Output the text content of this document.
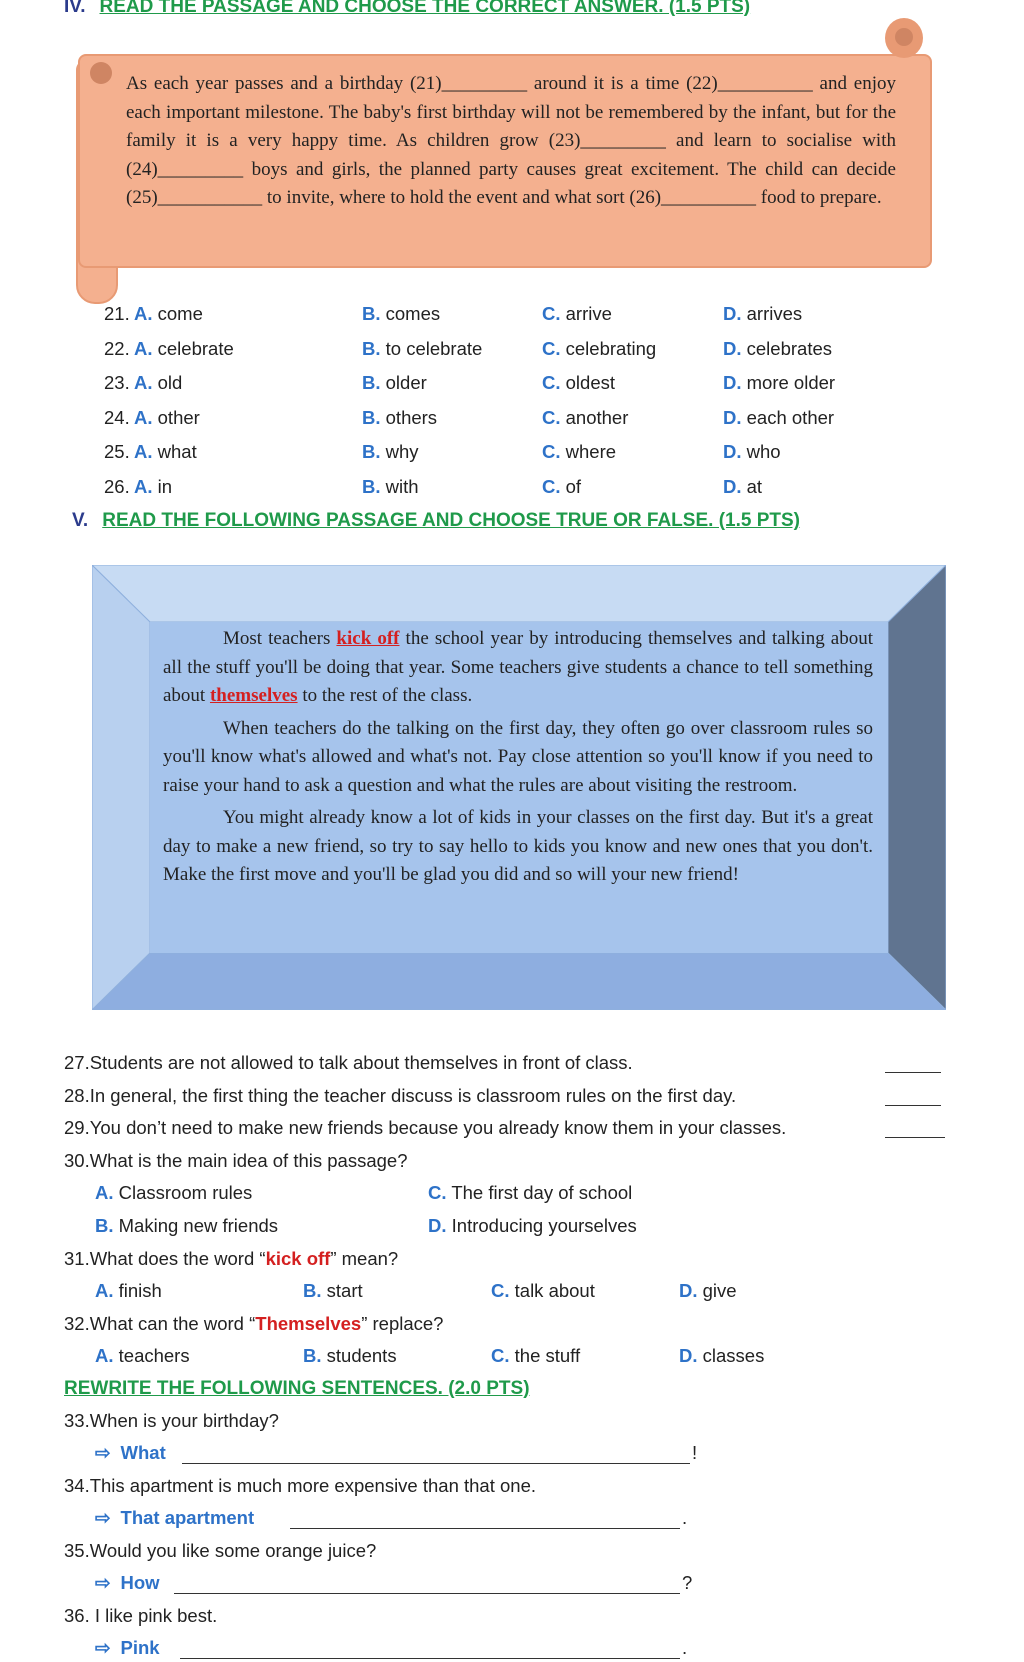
IV. READ THE PASSAGE AND CHOOSE THE CORRECT ANSWER. (1.5 PTS)
As each year passes and a birthday (21)_________ around it is a time (22)__________ and enjoy each important milestone. The baby's first birthday will not be remembered by the infant, but for the family it is a very happy time. As children grow (23)_________ and learn to socialise with (24)_________ boys and girls, the planned party causes great excitement. The child can decide (25)___________ to invite, where to hold the event and what sort (26)__________ food to prepare.
21. A. come	B. comes	C. arrive	D. arrives
22. A. celebrate	B. to celebrate	C. celebrating	D. celebrates
23. A. old	B. older	C. oldest	D. more older
24. A. other	B. others	C. another	D. each other
25. A. what	B. why	C. where	D. who
26. A. in	B. with	C. of	D. at
V. READ THE FOLLOWING PASSAGE AND CHOOSE TRUE OR FALSE. (1.5 PTS)

Most teachers kick off the school year by introducing themselves and talking about all the stuff you'll be doing that year. Some teachers give students a chance to tell something about themselves to the rest of the class.

When teachers do the talking on the first day, they often go over classroom rules so you'll know what's allowed and what's not. Pay close attention so you'll know if you need to raise your hand to ask a question and what the rules are about visiting the restroom.

You might already know a lot of kids in your classes on the first day. But it's a great day to make a new friend, so try to say hello to kids you know and new ones that you don't. Make the first move and you'll be glad you did and so will your new friend!

27.Students are not allowed to talk about themselves in front of class.
28.In general, the first thing the teacher discuss is classroom rules on the first day.
29.You don’t need to make new friends because you already know them in your classes.
30.What is the main idea of this passage?
A. Classroom rules	C. The first day of school
B. Making new friends	D. Introducing yourselves
31.What does the word “kick off” mean?
A. finish	B. start	C. talk about	D. give
32.What can the word “Themselves” replace?
A. teachers	B. students	C. the stuff	D. classes
REWRITE THE FOLLOWING SENTENCES. (2.0 PTS)
33.When is your birthday?
⇨ What	!
34.This apartment is much more expensive than that one.
⇨ That apartment	.
35.Would you like some orange juice?
⇨ How	?
36. I like pink best.
⇨ Pink	.
